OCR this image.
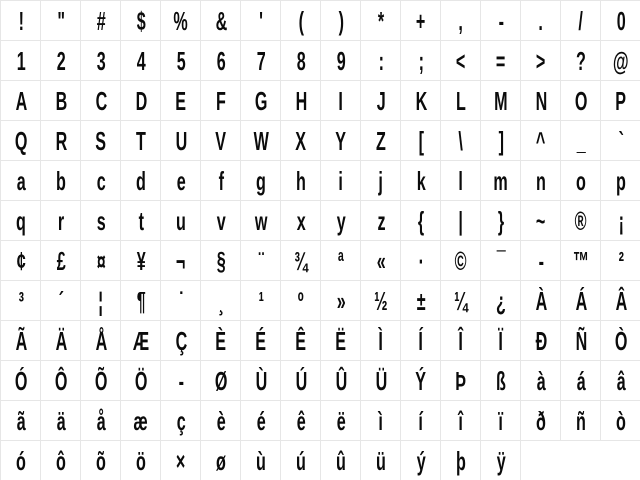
!	"	#	$	%	&	'	(	)	*	+	,	-	.	/	0
1	2	3	4	5	6	7	8	9	:	;	<	=	>	?	@
A	B	C	D	E	F	G	H	I	J	K	L	M	N	O	P
Q	R	S	T	U	V	W	X	Y	Z	[	\	]	^	_	`
a	b	c	d	e	f	g	h	i	j	k	l	m	n	o	p
q	r	s	t	u	v	w	x	y	z	{	|	}	~	®	¡
¢	£	¤	¥	¬	§	¨	¾	ª	«	·	©	¯	-	™	²
³	´	¦	¶	˙	¸	¹	º	»	½	±	¼	¿	À	Á	Â
Ã	Ä	Å	Æ	Ç	È	É	Ê	Ë	Ì	Í	Î	Ï	Ð	Ñ	Ò
Ó	Ô	Õ	Ö	-	Ø	Ù	Ú	Û	Ü	Ý	Þ	ß	à	á	â
ã	ä	å	æ	ç	è	é	ê	ë	ì	í	î	ï	ð	ñ	ò
ó	ô	õ	ö	×	ø	ù	ú	û	ü	ý	þ	ÿ
